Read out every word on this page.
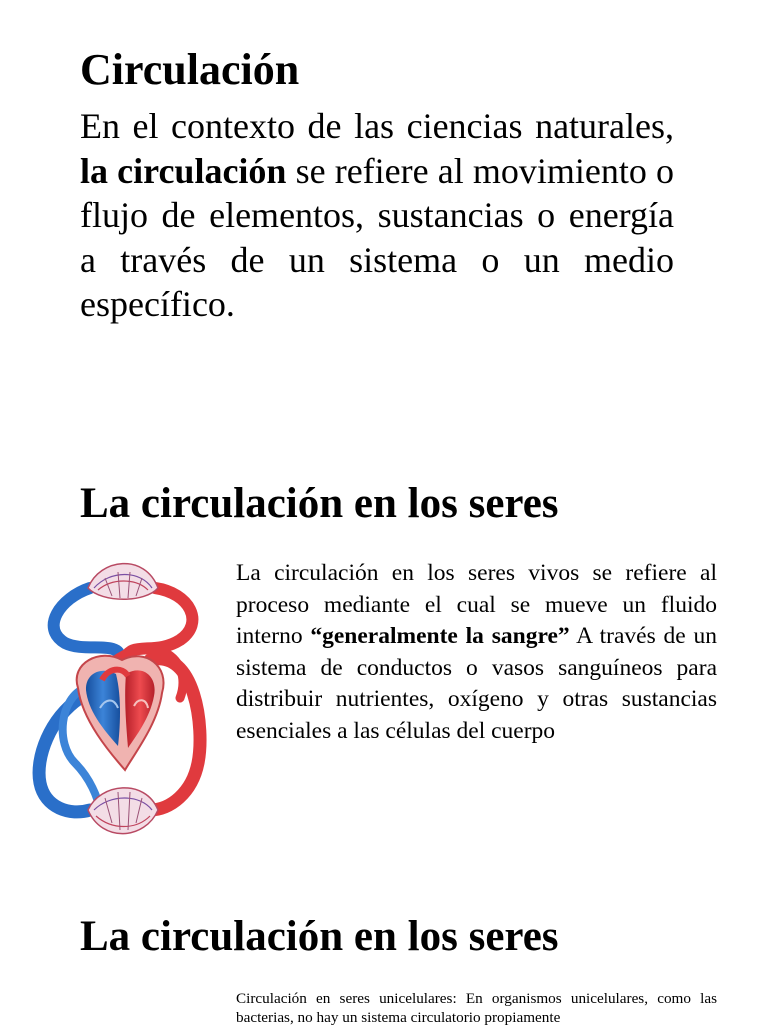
Circulación

En el contexto de las ciencias naturales, la circulación se refiere al movimiento o flujo de elementos, sustancias o energía a través de un sistema o un medio específico.

La circulación en los seres

La circulación en los seres vivos se refiere al proceso mediante el cual se mueve un fluido interno “generalmente la sangre” A través de un sistema de conductos o vasos sanguíneos para distribuir nutrientes, oxígeno y otras sustancias esenciales a las células del cuerpo

La circulación en los seres

Circulación en seres unicelulares: En organismos unicelulares, como las bacterias, no hay un sistema circulatorio propiamente
